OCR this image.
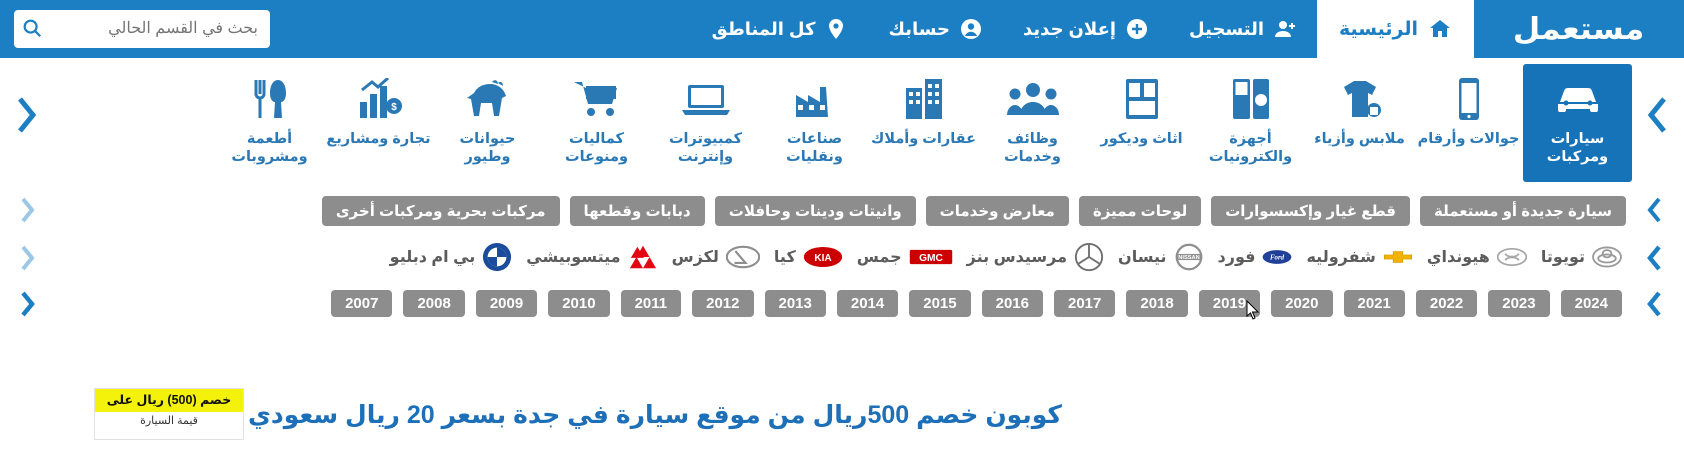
مستعمل
الرئيسية
التسجيل
إعلان جديد
حسابك
كل المناطق
بحث في القسم الحالي
سيارات ومركبات
جوالات وأرقام
ملابس وأزياء
أجهزة والكترونيات
اثاث وديكور
وظائف وخدمات
عقارات وأملاك
صناعات ونقليات
كمبيوترات وإنترنت
كماليات ومنوعات
حيوانات وطيور
$
تجارة ومشاريع
أطعمة ومشروبات
سيارة جديدة أو مستعملة
قطع غيار وإكسسوارات
لوحات مميزة
معارض وخدمات
وانيتات ودينات وحافلات
دبابات وقطعها
مركبات بحرية ومركبات أخرى
تويوتا
هيونداي
شفروليه
Ford
فورد
NISSAN
نيسان
مرسيدس بنز
GMC
جمس
KIA
كيا
لكزس
ميتسوبيشي
بي ام دبليو
2024
2023
2022
2021
2020
2019
2018
2017
2016
2015
2014
2013
2012
2011
2010
2009
2008
2007
كوبون خصم 500ريال من موقع سيارة في جدة بسعر 20 ريال سعودي
خصم (500) ريال على
قيمة السيارة
